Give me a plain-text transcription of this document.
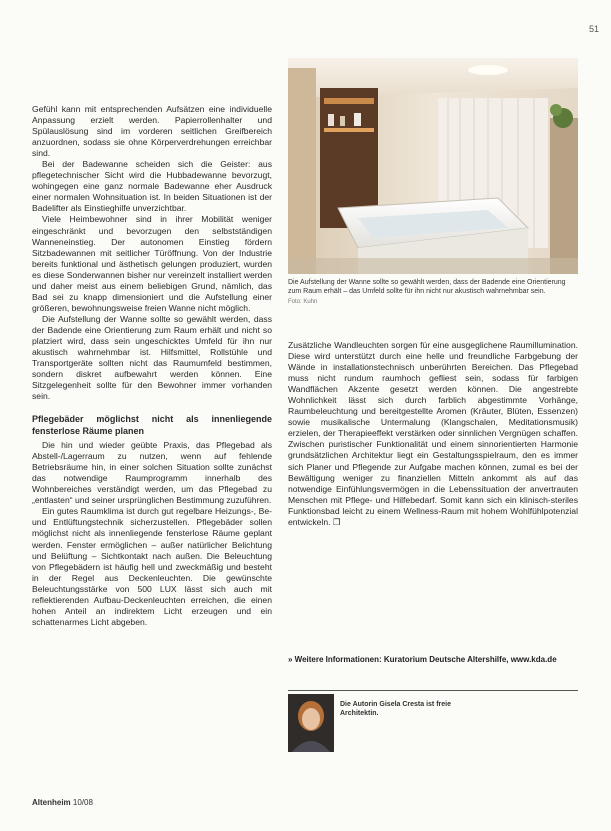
51

Gefühl kann mit entsprechenden Aufsätzen eine individuelle Anpassung erzielt werden. Papierrollenhalter und Spülauslösung sind im vorderen seitlichen Greifbereich anzuordnen, sodass sie ohne Körperverdrehungen erreichbar sind.

Bei der Badewanne scheiden sich die Geister: aus pflegetechnischer Sicht wird die Hubbadewanne bevorzugt, wohingegen eine ganz normale Badewanne eher Ausdruck einer normalen Wohnsituation ist. In beiden Situationen ist der Badelifter als Einstieghilfe unverzichtbar.

Viele Heimbewohner sind in ihrer Mobilität weniger eingeschränkt und bevorzugen den selbstständigen Wanneneinstieg. Der autonomen Einstieg fördern Sitzbadewannen mit seitlicher Türöffnung. Von der Industrie bereits funktional und ästhetisch gelungen produziert, wurden es diese Sonderwannen bisher nur vereinzelt installiert werden und daher meist aus einem beliebigen Grund, nämlich, das Bad sei zu knapp dimensioniert und die Aufstellung einer größeren, bewohnungsweise freien Wanne nicht möglich.

Die Aufstellung der Wanne sollte so gewählt werden, dass der Badende eine Orientierung zum Raum erhält und nicht so platziert wird, dass sein ungeschicktes Umfeld für ihn nur akustisch wahrnehmbar ist. Hilfsmittel, Rollstühle und Transportgeräte sollten nicht das Raumumfeld bestimmen, sondern diskret aufbewahrt werden können. Eine Sitzgelegenheit sollte für den Bewohner immer vorhanden sein.

Pflegebäder möglichst nicht als innenliegende fensterlose Räume planen

Die hin und wieder geübte Praxis, das Pflegebad als Abstell-/Lagerraum zu nutzen, wenn auf fehlende Betriebsräume hin, in einer solchen Situation sollte zunächst das notwendige Raumprogramm innerhalb des Wohnbereiches verständigt werden, um das Pflegebad zu „entlasten“ und seiner ursprünglichen Bestimmung zuzuführen.

Ein gutes Raumklima ist durch gut regelbare Heizungs-, Be- und Entlüftungstechnik sicherzustellen. Pflegebäder sollen möglichst nicht als innenliegende fensterlose Räume geplant werden. Fenster ermöglichen – außer natürlicher Belichtung und Belüftung – Sichtkontakt nach außen. Die Beleuchtung von Pflegebädern ist häufig hell und zweckmäßig und besteht in der Regel aus Deckenleuchten. Die gewünschte Beleuchtungsstärke von 500 LUX lässt sich auch mit reflektierenden Aufbau-Deckenleuchten erreichen, die einen hohen Anteil an indirektem Licht erzeugen und ein schattenarmes Licht abgeben.

Die Aufstellung der Wanne sollte so gewählt werden, dass der Badende eine Orientierung zum Raum erhält – das Umfeld sollte für ihn nicht nur akustisch wahrnehmbar sein.
Foto: Kuhn

Zusätzliche Wandleuchten sorgen für eine ausgeglichene Raumillumination. Diese wird unterstützt durch eine helle und freundliche Farbgebung der Wände in installationstechnisch unberührten Bereichen. Das Pflegebad muss nicht rundum raumhoch gefliest sein, sodass für farbigen Wandflächen Akzente gesetzt werden können. Die angestrebte Wohnlichkeit lässt sich durch farblich abgestimmte Vorhänge, Raumbeleuchtung und bereitgestellte Aromen (Kräuter, Blüten, Essenzen) sowie musikalische Untermalung (Klangschalen, Meditationsmusik) erzielen, der Therapieeffekt verstärken oder sinnlichen Vergnügen schaffen. Zwischen puristischer Funktionalität und einem sinnorientierten Harmonie grundsätzlichen Architektur liegt ein Gestaltungsspielraum, den es immer sich Planer und Pflegende zur Aufgabe machen können, zumal es bei der Bewältigung weniger zu finanziellen Mitteln ankommt als auf das notwendige Einfühlungsvermögen in die Lebenssituation der anvertrauten Menschen mit Pflege- und Hilfebedarf. Somit kann sich ein klinisch-steriles Funktionsbad leicht zu einem Wellness-Raum mit hohem Wohlfühlpotenzial entwickeln. ❒

» Weitere Informationen: Kuratorium Deutsche Altershilfe, www.kda.de
Die Autorin Gisela Cresta ist freie Architektin.
Altenheim 10/08
